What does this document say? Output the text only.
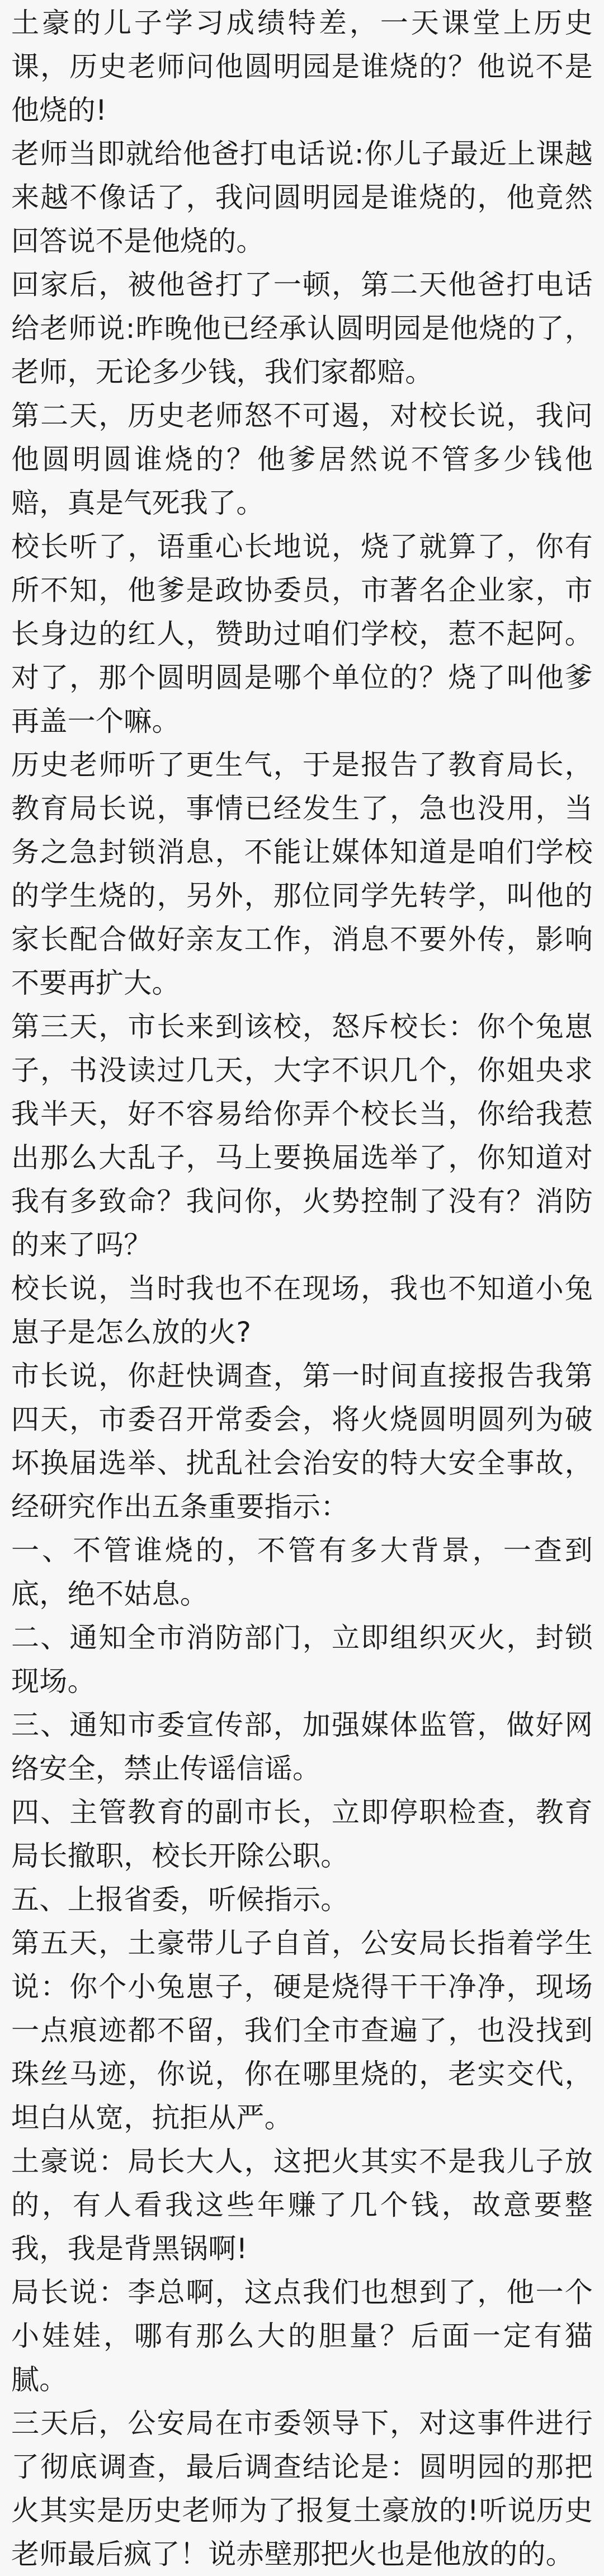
土豪的儿子学习成绩特差，一天课堂上历史课，历史老师问他圆明园是谁烧的？他说不是他烧的!

老师当即就给他爸打电话说:你儿子最近上课越来越不像话了，我问圆明园是谁烧的，他竟然回答说不是他烧的。

回家后，被他爸打了一顿，第二天他爸打电话给老师说:昨晚他已经承认圆明园是他烧的了，老师，无论多少钱，我们家都赔。

第二天，历史老师怒不可遏，对校长说，我问他圆明圆谁烧的？他爹居然说不管多少钱他赔，真是气死我了。

校长听了，语重心长地说，烧了就算了，你有所不知，他爹是政协委员，市著名企业家，市长身边的红人，赞助过咱们学校，惹不起阿。对了，那个圆明圆是哪个单位的？烧了叫他爹再盖一个嘛。

历史老师听了更生气，于是报告了教育局长，教育局长说，事情已经发生了，急也没用，当务之急封锁消息，不能让媒体知道是咱们学校的学生烧的，另外，那位同学先转学，叫他的家长配合做好亲友工作，消息不要外传，影响不要再扩大。

第三天，市长来到该校，怒斥校长：你个兔崽子，书没读过几天，大字不识几个，你姐央求我半天，好不容易给你弄个校长当，你给我惹出那么大乱子，马上要换届选举了，你知道对我有多致命？我问你，火势控制了没有？消防的来了吗？

校长说，当时我也不在现场，我也不知道小兔崽子是怎么放的火?

市长说，你赶快调查，第一时间直接报告我第四天，市委召开常委会，将火烧圆明圆列为破坏换届选举、扰乱社会治安的特大安全事故，经研究作出五条重要指示：

一、不管谁烧的，不管有多大背景，一查到底，绝不姑息。

二、通知全市消防部门，立即组织灭火，封锁现场。

三、通知市委宣传部，加强媒体监管，做好网络安全，禁止传谣信谣。

四、主管教育的副市长，立即停职检查，教育局长撤职，校长开除公职。

五、上报省委，听候指示。

第五天，土豪带儿子自首，公安局长指着学生说：你个小兔崽子，硬是烧得干干净净，现场一点痕迹都不留，我们全市查遍了，也没找到珠丝马迹，你说，你在哪里烧的，老实交代，坦白从宽，抗拒从严。

土豪说：局长大人，这把火其实不是我儿子放的，有人看我这些年赚了几个钱，故意要整我，我是背黑锅啊!

局长说：李总啊，这点我们也想到了，他一个小娃娃，哪有那么大的胆量？后面一定有猫腻。

三天后，公安局在市委领导下，对这事件进行了彻底调查，最后调查结论是：圆明园的那把火其实是历史老师为了报复土豪放的!听说历史老师最后疯了！说赤壁那把火也是他放的的。
